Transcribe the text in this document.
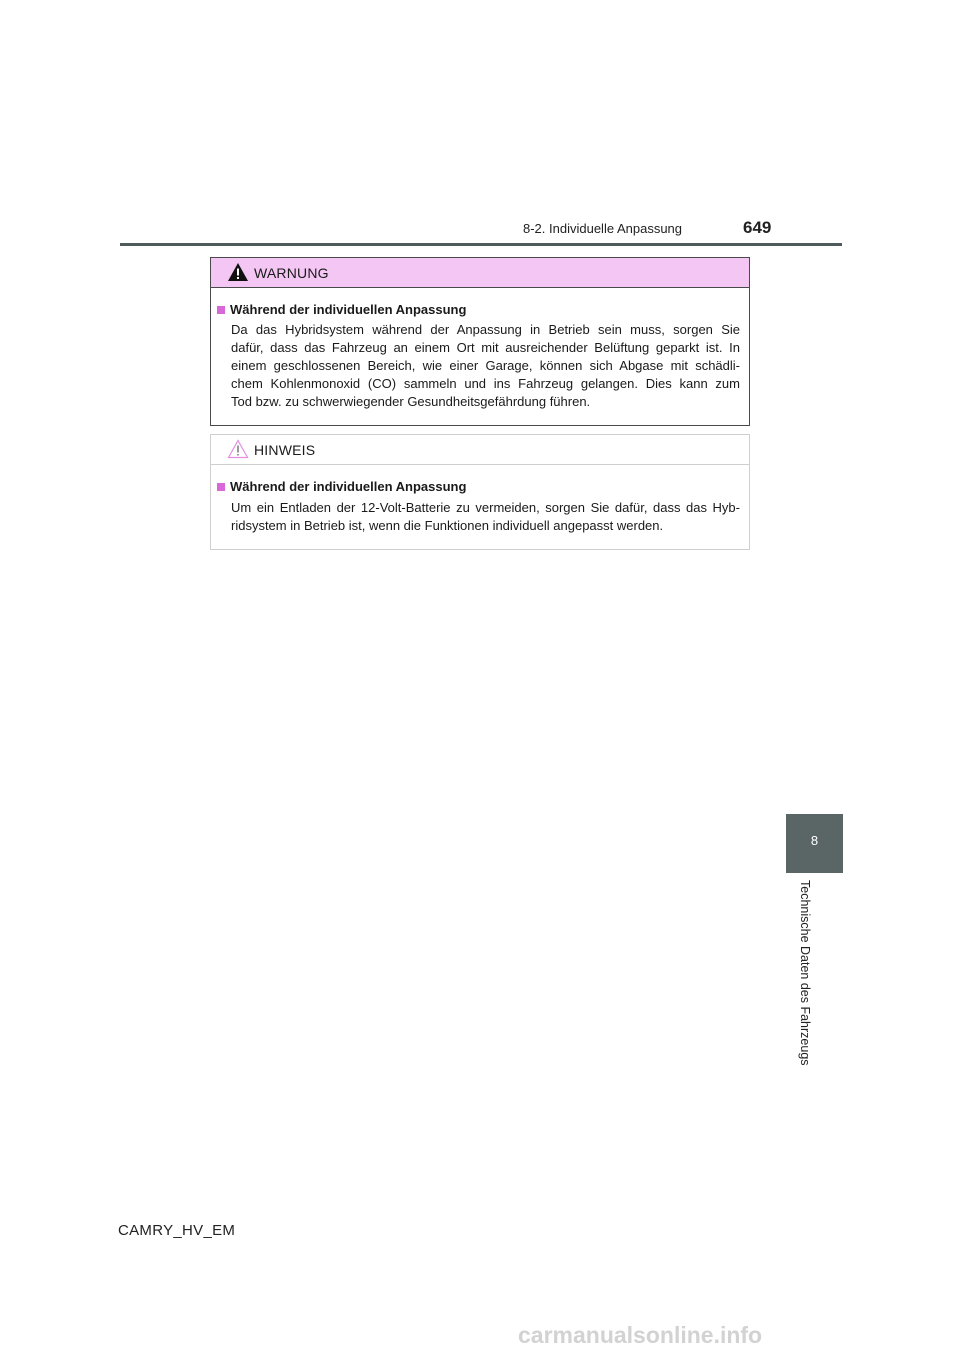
8-2. Individuelle Anpassung	649
WARNUNG
Während der individuellen Anpassung
Da das Hybridsystem während der Anpassung in Betrieb sein muss, sorgen Sie
dafür, dass das Fahrzeug an einem Ort mit ausreichender Belüftung geparkt ist. In
einem geschlossenen Bereich, wie einer Garage, können sich Abgase mit schädli-
chem Kohlenmonoxid (CO) sammeln und ins Fahrzeug gelangen. Dies kann zum
Tod bzw. zu schwerwiegender Gesundheitsgefährdung führen.
HINWEIS
Während der individuellen Anpassung
Um ein Entladen der 12-Volt-Batterie zu vermeiden, sorgen Sie dafür, dass das Hyb-
ridsystem in Betrieb ist, wenn die Funktionen individuell angepasst werden.
8
Technische Daten des Fahrzeugs
CAMRY_HV_EM
carmanualsonline.info
